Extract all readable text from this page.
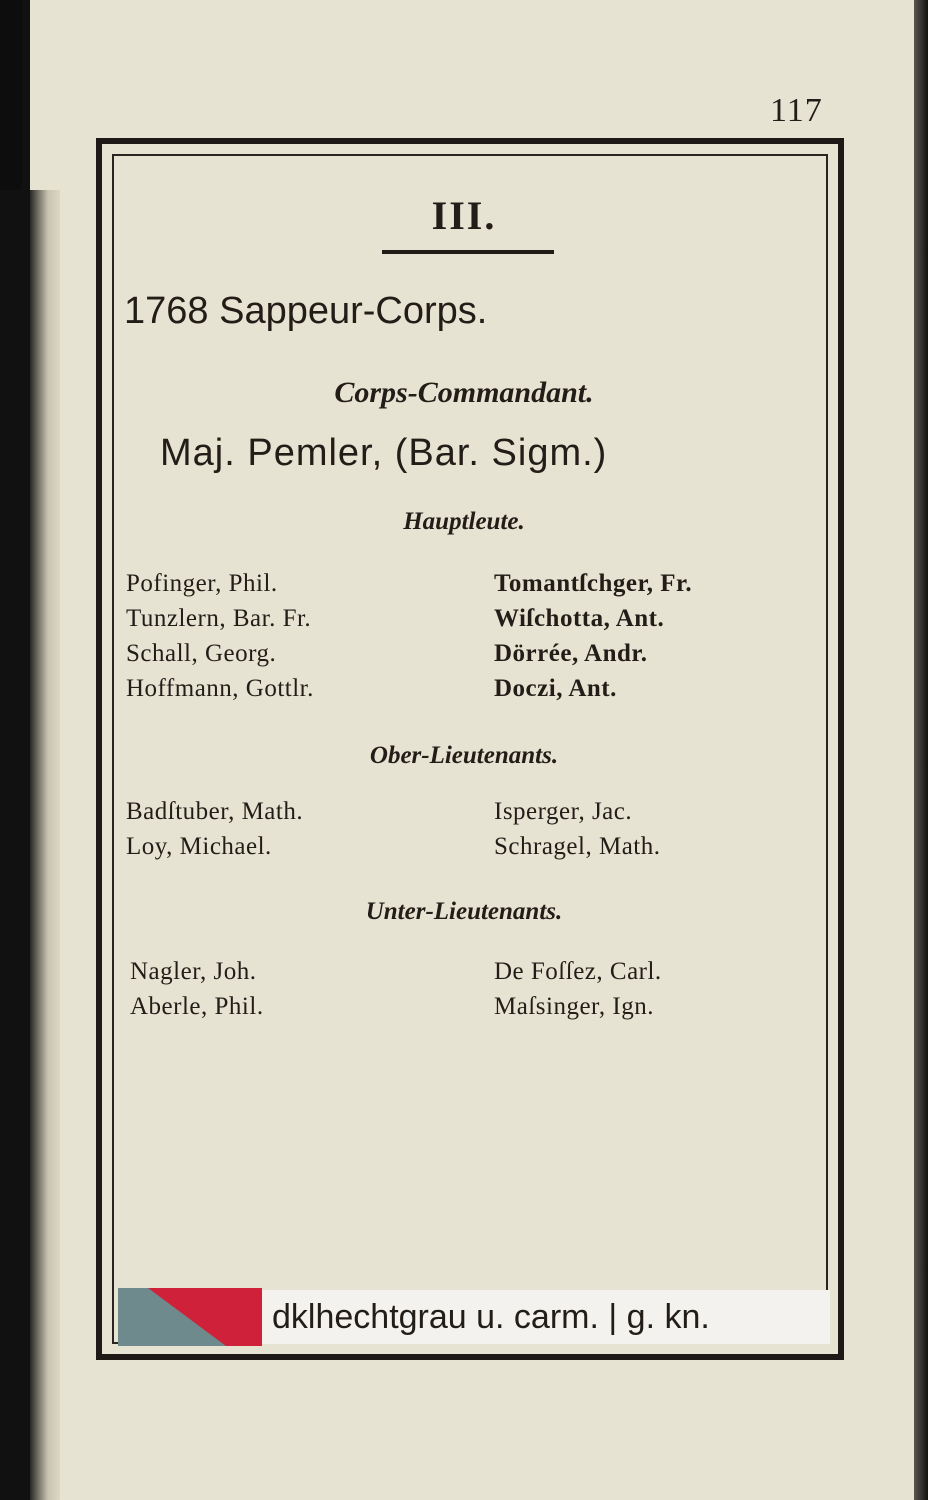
117
III.
1768 Sappeur-Corps.
Corps-Commandant.
Maj. Pemler, (Bar. Sigm.)
Hauptleute.
Pofinger, Phil.
Tunzlern, Bar. Fr.
Schall, Georg.
Hoffmann, Gottlr.
Tomantſchger, Fr.
Wiſchotta, Ant.
Dörrée, Andr.
Doczi, Ant.
Ober-Lieutenants.
Badſtuber, Math.
Loy, Michael.
Isperger, Jac.
Schragel, Math.
Unter-Lieutenants.
Nagler, Joh.
Aberle, Phil.
De Foſſez, Carl.
Maſsinger, Ign.
dklhechtgrau u. carm. | g. kn.
